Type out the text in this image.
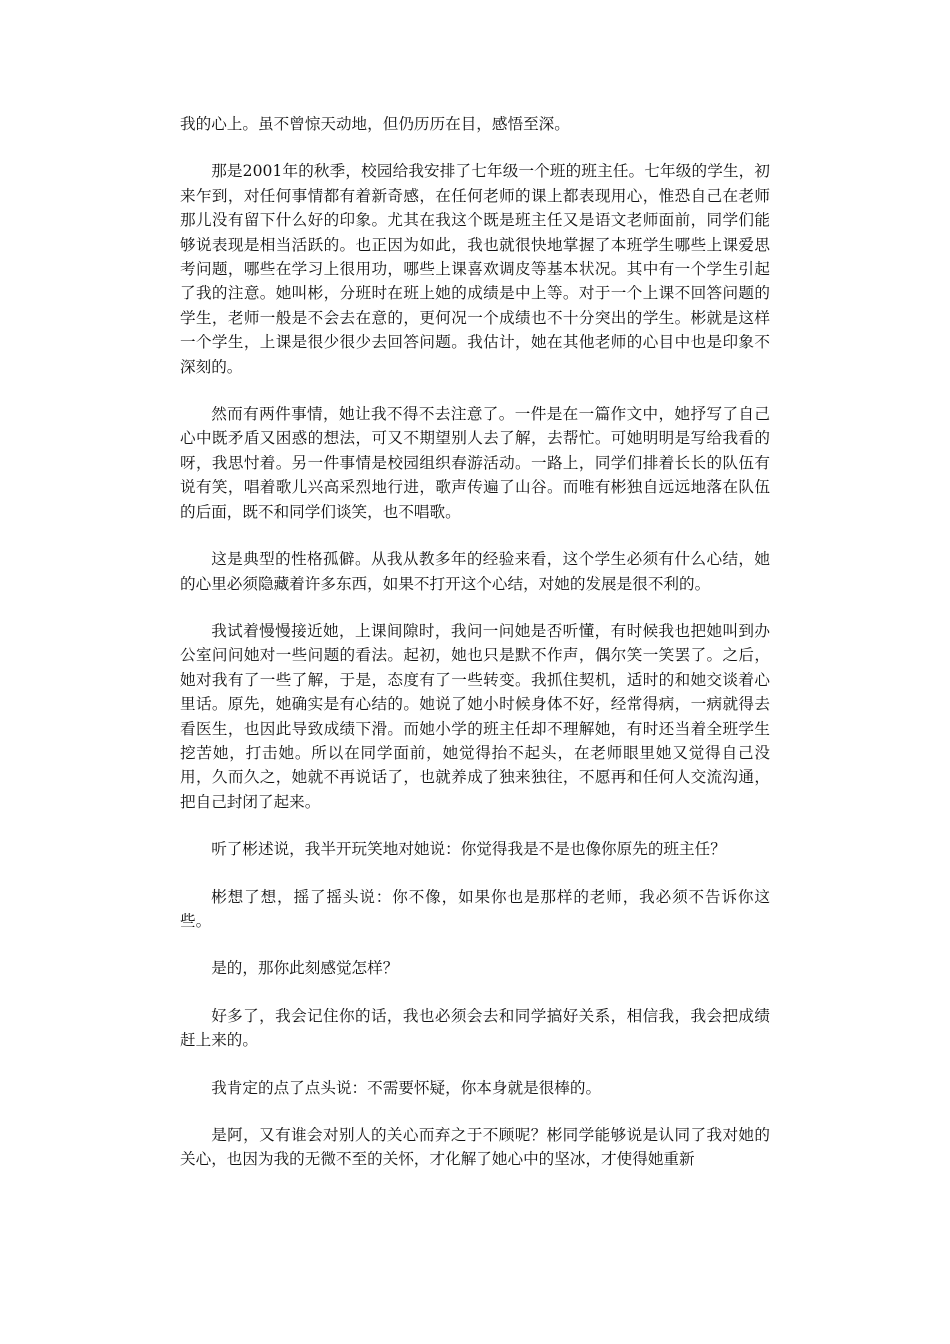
我的心上。虽不曾惊天动地，但仍历历在目，感悟至深。

那是2001年的秋季，校园给我安排了七年级一个班的班主任。七年级的学生，初来乍到，对任何事情都有着新奇感，在任何老师的课上都表现用心，惟恐自己在老师那儿没有留下什么好的印象。尤其在我这个既是班主任又是语文老师面前，同学们能够说表现是相当活跃的。也正因为如此，我也就很快地掌握了本班学生哪些上课爱思考问题，哪些在学习上很用功，哪些上课喜欢调皮等基本状况。其中有一个学生引起了我的注意。她叫彬，分班时在班上她的成绩是中上等。对于一个上课不回答问题的学生，老师一般是不会去在意的，更何况一个成绩也不十分突出的学生。彬就是这样一个学生，上课是很少很少去回答问题。我估计，她在其他老师的心目中也是印象不深刻的。

然而有两件事情，她让我不得不去注意了。一件是在一篇作文中，她抒写了自己心中既矛盾又困惑的想法，可又不期望别人去了解，去帮忙。可她明明是写给我看的呀，我思忖着。另一件事情是校园组织春游活动。一路上，同学们排着长长的队伍有说有笑，唱着歌儿兴高采烈地行进，歌声传遍了山谷。而唯有彬独自远远地落在队伍的后面，既不和同学们谈笑，也不唱歌。

这是典型的性格孤僻。从我从教多年的经验来看，这个学生必须有什么心结，她的心里必须隐藏着许多东西，如果不打开这个心结，对她的发展是很不利的。

我试着慢慢接近她，上课间隙时，我问一问她是否听懂，有时候我也把她叫到办公室问问她对一些问题的看法。起初，她也只是默不作声，偶尔笑一笑罢了。之后，她对我有了一些了解，于是，态度有了一些转变。我抓住契机，适时的和她交谈着心里话。原先，她确实是有心结的。她说了她小时候身体不好，经常得病，一病就得去看医生，也因此导致成绩下滑。而她小学的班主任却不理解她，有时还当着全班学生挖苦她，打击她。所以在同学面前，她觉得抬不起头，在老师眼里她又觉得自己没用，久而久之，她就不再说话了，也就养成了独来独往，不愿再和任何人交流沟通，把自己封闭了起来。

听了彬述说，我半开玩笑地对她说：你觉得我是不是也像你原先的班主任？

彬想了想，摇了摇头说：你不像，如果你也是那样的老师，我必须不告诉你这些。

是的，那你此刻感觉怎样？

好多了，我会记住你的话，我也必须会去和同学搞好关系，相信我，我会把成绩赶上来的。

我肯定的点了点头说：不需要怀疑，你本身就是很棒的。

是阿，又有谁会对别人的关心而弃之于不顾呢？彬同学能够说是认同了我对她的关心，也因为我的无微不至的关怀，才化解了她心中的坚冰，才使得她重新
